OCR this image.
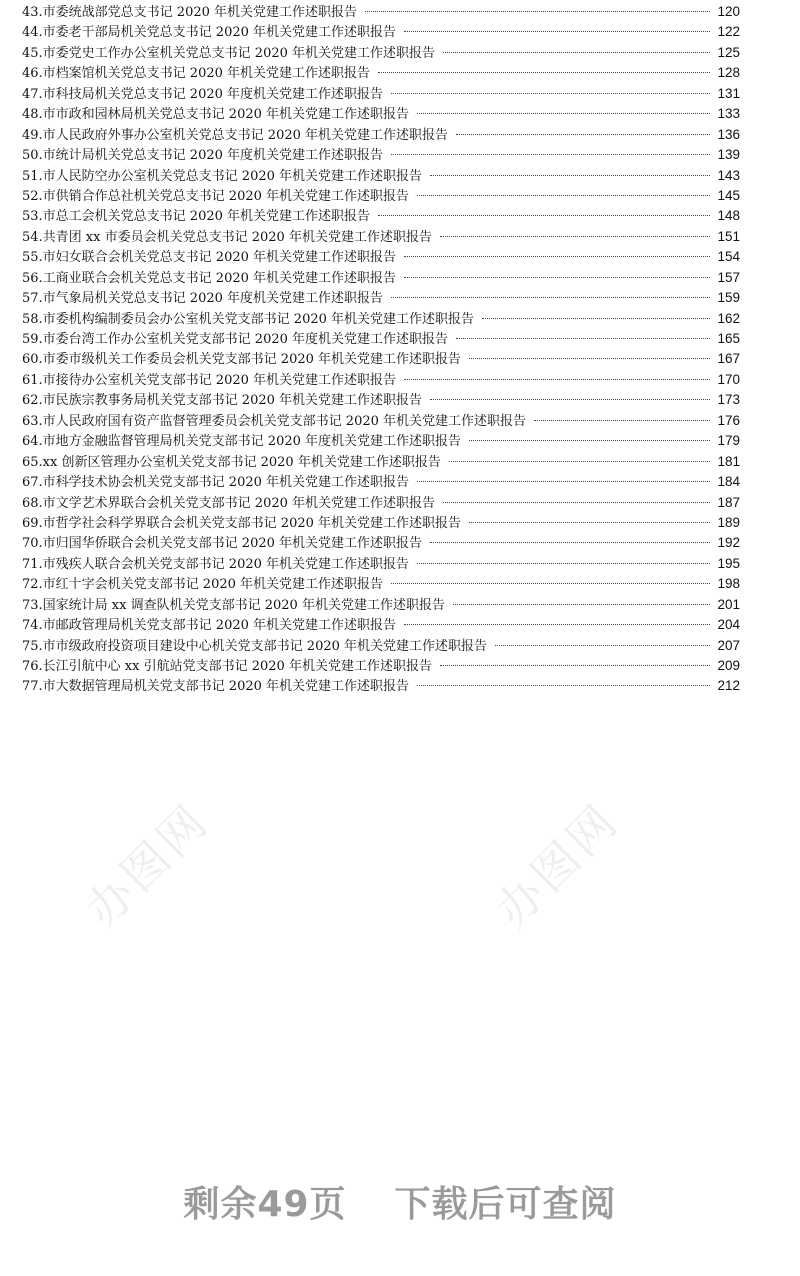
办图网	办图网
43.市委统战部党总支书记 2020 年机关党建工作述职报告	120
44.市委老干部局机关党总支书记 2020 年机关党建工作述职报告	122
45.市委党史工作办公室机关党总支书记 2020 年机关党建工作述职报告	125
46.市档案馆机关党总支书记 2020 年机关党建工作述职报告	128
47.市科技局机关党总支书记 2020 年度机关党建工作述职报告	131
48.市市政和园林局机关党总支书记 2020 年机关党建工作述职报告	133
49.市人民政府外事办公室机关党总支书记 2020 年机关党建工作述职报告	136
50.市统计局机关党总支书记 2020 年度机关党建工作述职报告	139
51.市人民防空办公室机关党总支书记 2020 年机关党建工作述职报告	143
52.市供销合作总社机关党总支书记 2020 年机关党建工作述职报告	145
53.市总工会机关党总支书记 2020 年机关党建工作述职报告	148
54.共青团 xx 市委员会机关党总支书记 2020 年机关党建工作述职报告	151
55.市妇女联合会机关党总支书记 2020 年机关党建工作述职报告	154
56.工商业联合会机关党总支书记 2020 年机关党建工作述职报告	157
57.市气象局机关党总支书记 2020 年度机关党建工作述职报告	159
58.市委机构编制委员会办公室机关党支部书记 2020 年机关党建工作述职报告	162
59.市委台湾工作办公室机关党支部书记 2020 年度机关党建工作述职报告	165
60.市委市级机关工作委员会机关党支部书记 2020 年机关党建工作述职报告	167
61.市接待办公室机关党支部书记 2020 年机关党建工作述职报告	170
62.市民族宗教事务局机关党支部书记 2020 年机关党建工作述职报告	173
63.市人民政府国有资产监督管理委员会机关党支部书记 2020 年机关党建工作述职报告	176
64.市地方金融监督管理局机关党支部书记 2020 年度机关党建工作述职报告	179
65.xx 创新区管理办公室机关党支部书记 2020 年机关党建工作述职报告	181
67.市科学技术协会机关党支部书记 2020 年机关党建工作述职报告	184
68.市文学艺术界联合会机关党支部书记 2020 年机关党建工作述职报告	187
69.市哲学社会科学界联合会机关党支部书记 2020 年机关党建工作述职报告	189
70.市归国华侨联合会机关党支部书记 2020 年机关党建工作述职报告	192
71.市残疾人联合会机关党支部书记 2020 年机关党建工作述职报告	195
72.市红十字会机关党支部书记 2020 年机关党建工作述职报告	198
73.国家统计局 xx 调查队机关党支部书记 2020 年机关党建工作述职报告	201
74.市邮政管理局机关党支部书记 2020 年机关党建工作述职报告	204
75.市市级政府投资项目建设中心机关党支部书记 2020 年机关党建工作述职报告	207
76.长江引航中心 xx 引航站党支部书记 2020 年机关党建工作述职报告	209
77.市大数据管理局机关党支部书记 2020 年机关党建工作述职报告	212
剩余49页 下载后可查阅
